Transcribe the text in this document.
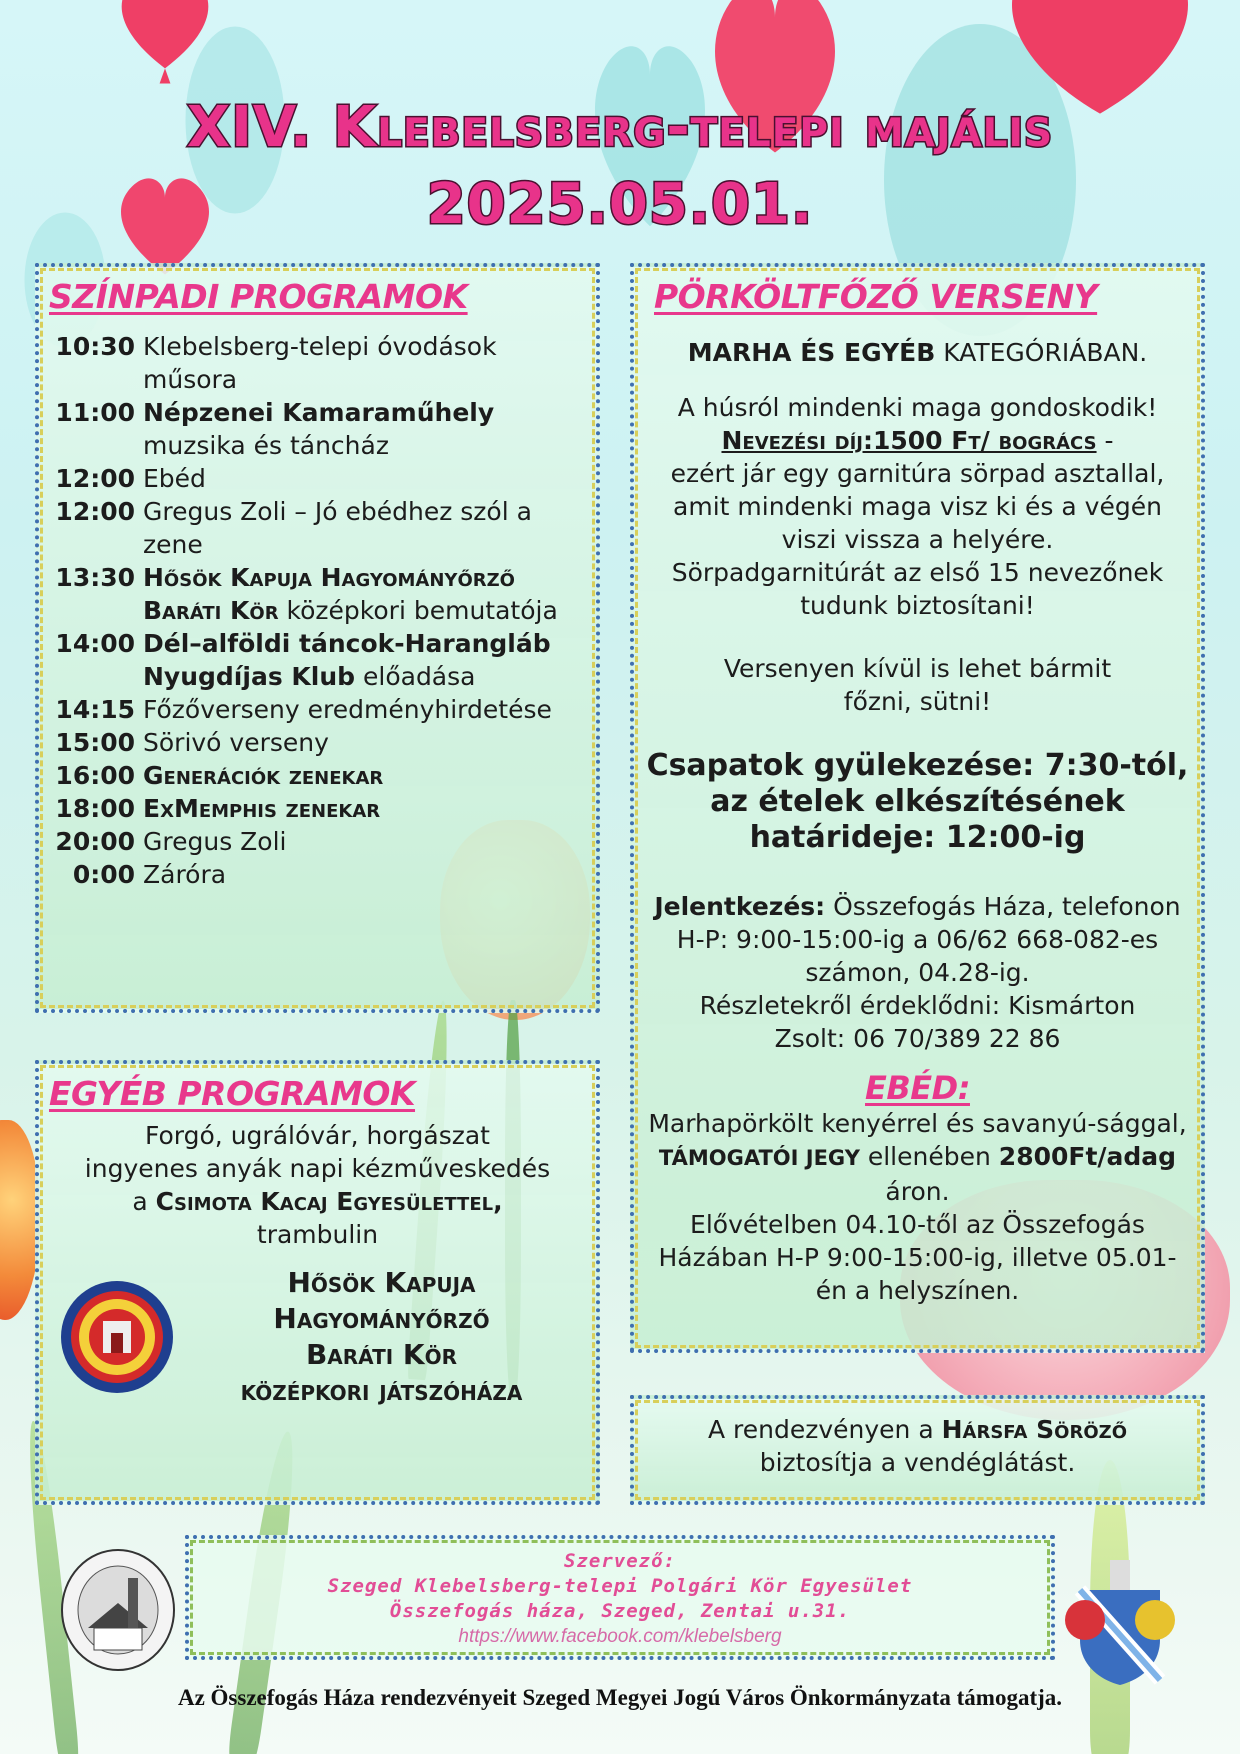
XIV. Klebelsberg-telepi majális
2025.05.01.
SZÍNPADI PROGRAMOK
10:30 Klebelsberg-telepi óvodások műsora
11:00 Népzenei Kamaraműhely muzsika és táncház
12:00 Ebéd
12:00 Gregus Zoli – Jó ebédhez szól a zene
13:30 Hősök Kapuja Hagyományőrző Baráti Kör középkori bemutatója
14:00 Dél–alföldi táncok-Harangláb Nyugdíjas Klub előadása
14:15 Főzőverseny eredményhirdetése
15:00 Sörivó verseny
16:00 Generációk zenekar
18:00 ExMemphis zenekar
20:00 Gregus Zoli
0:00 Záróra
EGYÉB PROGRAMOK

Forgó, ugrálóvár, horgászat

ingyenes anyák napi kézműveskedés

a Csimota Kacaj Egyesülettel,

trambulin

Hősök Kapuja
Hagyományőrző
Baráti Kör
középkori játszóháza
PÖRKÖLTFŐZŐ VERSENY

MARHA ÉS EGYÉB KATEGÓRIÁBAN.

A húsról mindenki maga gondoskodik!

Nevezési díj:1500 Ft/ bogrács -

ezért jár egy garnitúra sörpad asztallal, amit mindenki maga visz ki és a végén viszi vissza a helyére.

Sörpadgarnitúrát az első 15 nevezőnek tudunk biztosítani!

Versenyen kívül is lehet bármit főzni, sütni!

Csapatok gyülekezése: 7:30-tól, az ételek elkészítésének határideje: 12:00-ig

Jelentkezés: Összefogás Háza, telefonon H-P: 9:00-15:00-ig a 06/62 668-082-es számon, 04.28-ig.

Részletekről érdeklődni: Kismárton Zsolt: 06 70/389 22 86

EBÉD:

Marhapörkölt kenyérrel és savanyú-sággal, TÁMOGATÓI JEGY ellenében 2800Ft/adag áron.

Elővételben 04.10-től az Összefogás Házában H-P 9:00-15:00-ig, illetve 05.01-én a helyszínen.

A rendezvényen a Hársfa Söröző

biztosítja a vendéglátást.

Szervező:
Szeged Klebelsberg-telepi Polgári Kör Egyesület
Összefogás háza, Szeged, Zentai u.31.
https://www.facebook.com/klebelsberg
Az Összefogás Háza rendezvényeit Szeged Megyei Jogú Város Önkormányzata támogatja.
